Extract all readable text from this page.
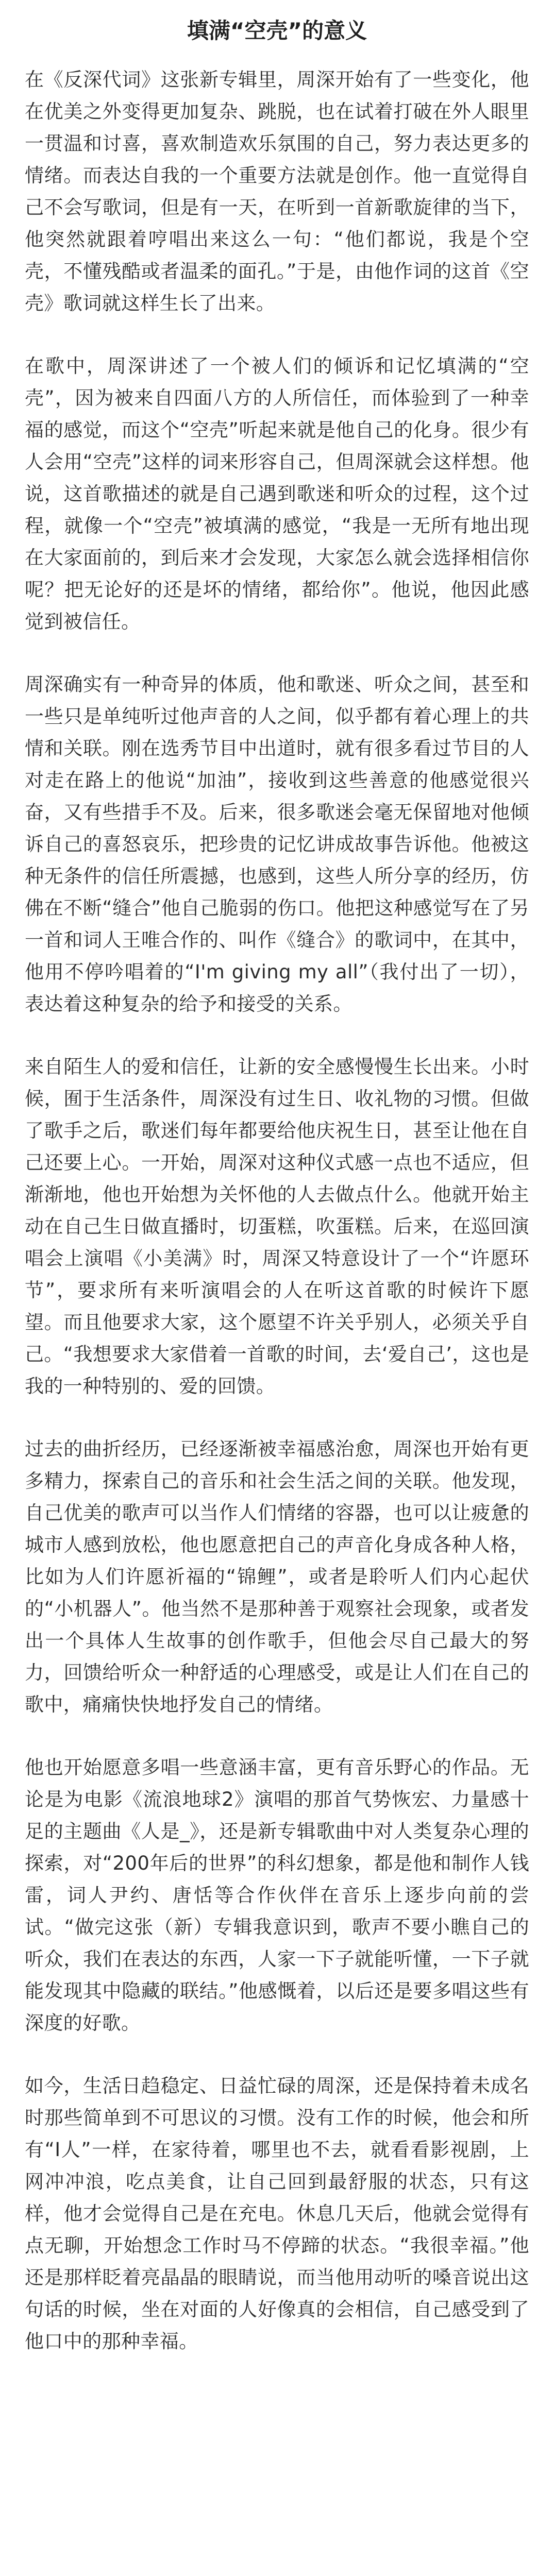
填满“空壳”的意义
在《反深代词》这张新专辑里，周深开始有了一些变化，他在优美之外变得更加复杂、跳脱，也在试着打破在外人眼里一贯温和讨喜，喜欢制造欢乐氛围的自己，努力表达更多的情绪。而表达自我的一个重要方法就是创作。他一直觉得自己不会写歌词，但是有一天，在听到一首新歌旋律的当下，他突然就跟着哼唱出来这么一句：“他们都说，我是个空壳，不懂残酷或者温柔的面孔。”于是，由他作词的这首《空壳》歌词就这样生长了出来。
在歌中，周深讲述了一个被人们的倾诉和记忆填满的“空壳”，因为被来自四面八方的人所信任，而体验到了一种幸福的感觉，而这个“空壳”听起来就是他自己的化身。很少有人会用“空壳”这样的词来形容自己，但周深就会这样想。他说，这首歌描述的就是自己遇到歌迷和听众的过程，这个过程，就像一个“空壳”被填满的感觉，“我是一无所有地出现在大家面前的，到后来才会发现，大家怎么就会选择相信你呢？把无论好的还是坏的情绪，都给你”。他说，他因此感觉到被信任。
周深确实有一种奇异的体质，他和歌迷、听众之间，甚至和一些只是单纯听过他声音的人之间，似乎都有着心理上的共情和关联。刚在选秀节目中出道时，就有很多看过节目的人对走在路上的他说“加油”，接收到这些善意的他感觉很兴奋，又有些措手不及。后来，很多歌迷会毫无保留地对他倾诉自己的喜怒哀乐，把珍贵的记忆讲成故事告诉他。他被这种无条件的信任所震撼，也感到，这些人所分享的经历，仿佛在不断“缝合”他自己脆弱的伤口。他把这种感觉写在了另一首和词人王唯合作的、叫作《缝合》的歌词中，在其中，他用不停吟唱着的“I'm giving my all”（我付出了一切），表达着这种复杂的给予和接受的关系。
来自陌生人的爱和信任，让新的安全感慢慢生长出来。小时候，囿于生活条件，周深没有过生日、收礼物的习惯。但做了歌手之后，歌迷们每年都要给他庆祝生日，甚至让他在自己还要上心。一开始，周深对这种仪式感一点也不适应，但渐渐地，他也开始想为关怀他的人去做点什么。他就开始主动在自己生日做直播时，切蛋糕，吹蛋糕。后来，在巡回演唱会上演唱《小美满》时，周深又特意设计了一个“许愿环节”，要求所有来听演唱会的人在听这首歌的时候许下愿望。而且他要求大家，这个愿望不许关乎别人，必须关乎自己。“我想要求大家借着一首歌的时间，去‘爱自己’，这也是我的一种特别的、爱的回馈。
过去的曲折经历，已经逐渐被幸福感治愈，周深也开始有更多精力，探索自己的音乐和社会生活之间的关联。他发现，自己优美的歌声可以当作人们情绪的容器，也可以让疲惫的城市人感到放松，他也愿意把自己的声音化身成各种人格，比如为人们许愿祈福的“锦鲤”，或者是聆听人们内心起伏的“小机器人”。他当然不是那种善于观察社会现象，或者发出一个具体人生故事的创作歌手，但他会尽自己最大的努力，回馈给听众一种舒适的心理感受，或是让人们在自己的歌中，痛痛快快地抒发自己的情绪。
他也开始愿意多唱一些意涵丰富，更有音乐野心的作品。无论是为电影《流浪地球2》演唱的那首气势恢宏、力量感十足的主题曲《人是_》，还是新专辑歌曲中对人类复杂心理的探索，对“200年后的世界”的科幻想象，都是他和制作人钱雷，词人尹约、唐恬等合作伙伴在音乐上逐步向前的尝试。“做完这张（新）专辑我意识到，歌声不要小瞧自己的听众，我们在表达的东西，人家一下子就能听懂，一下子就能发现其中隐藏的联结。”他感慨着，以后还是要多唱这些有深度的好歌。
如今，生活日趋稳定、日益忙碌的周深，还是保持着未成名时那些简单到不可思议的习惯。没有工作的时候，他会和所有“I人”一样，在家待着，哪里也不去，就看看影视剧，上网冲冲浪，吃点美食，让自己回到最舒服的状态，只有这样，他才会觉得自己是在充电。休息几天后，他就会觉得有点无聊，开始想念工作时马不停蹄的状态。“我很幸福。”他还是那样眨着亮晶晶的眼睛说，而当他用动听的嗓音说出这句话的时候，坐在对面的人好像真的会相信，自己感受到了他口中的那种幸福。
